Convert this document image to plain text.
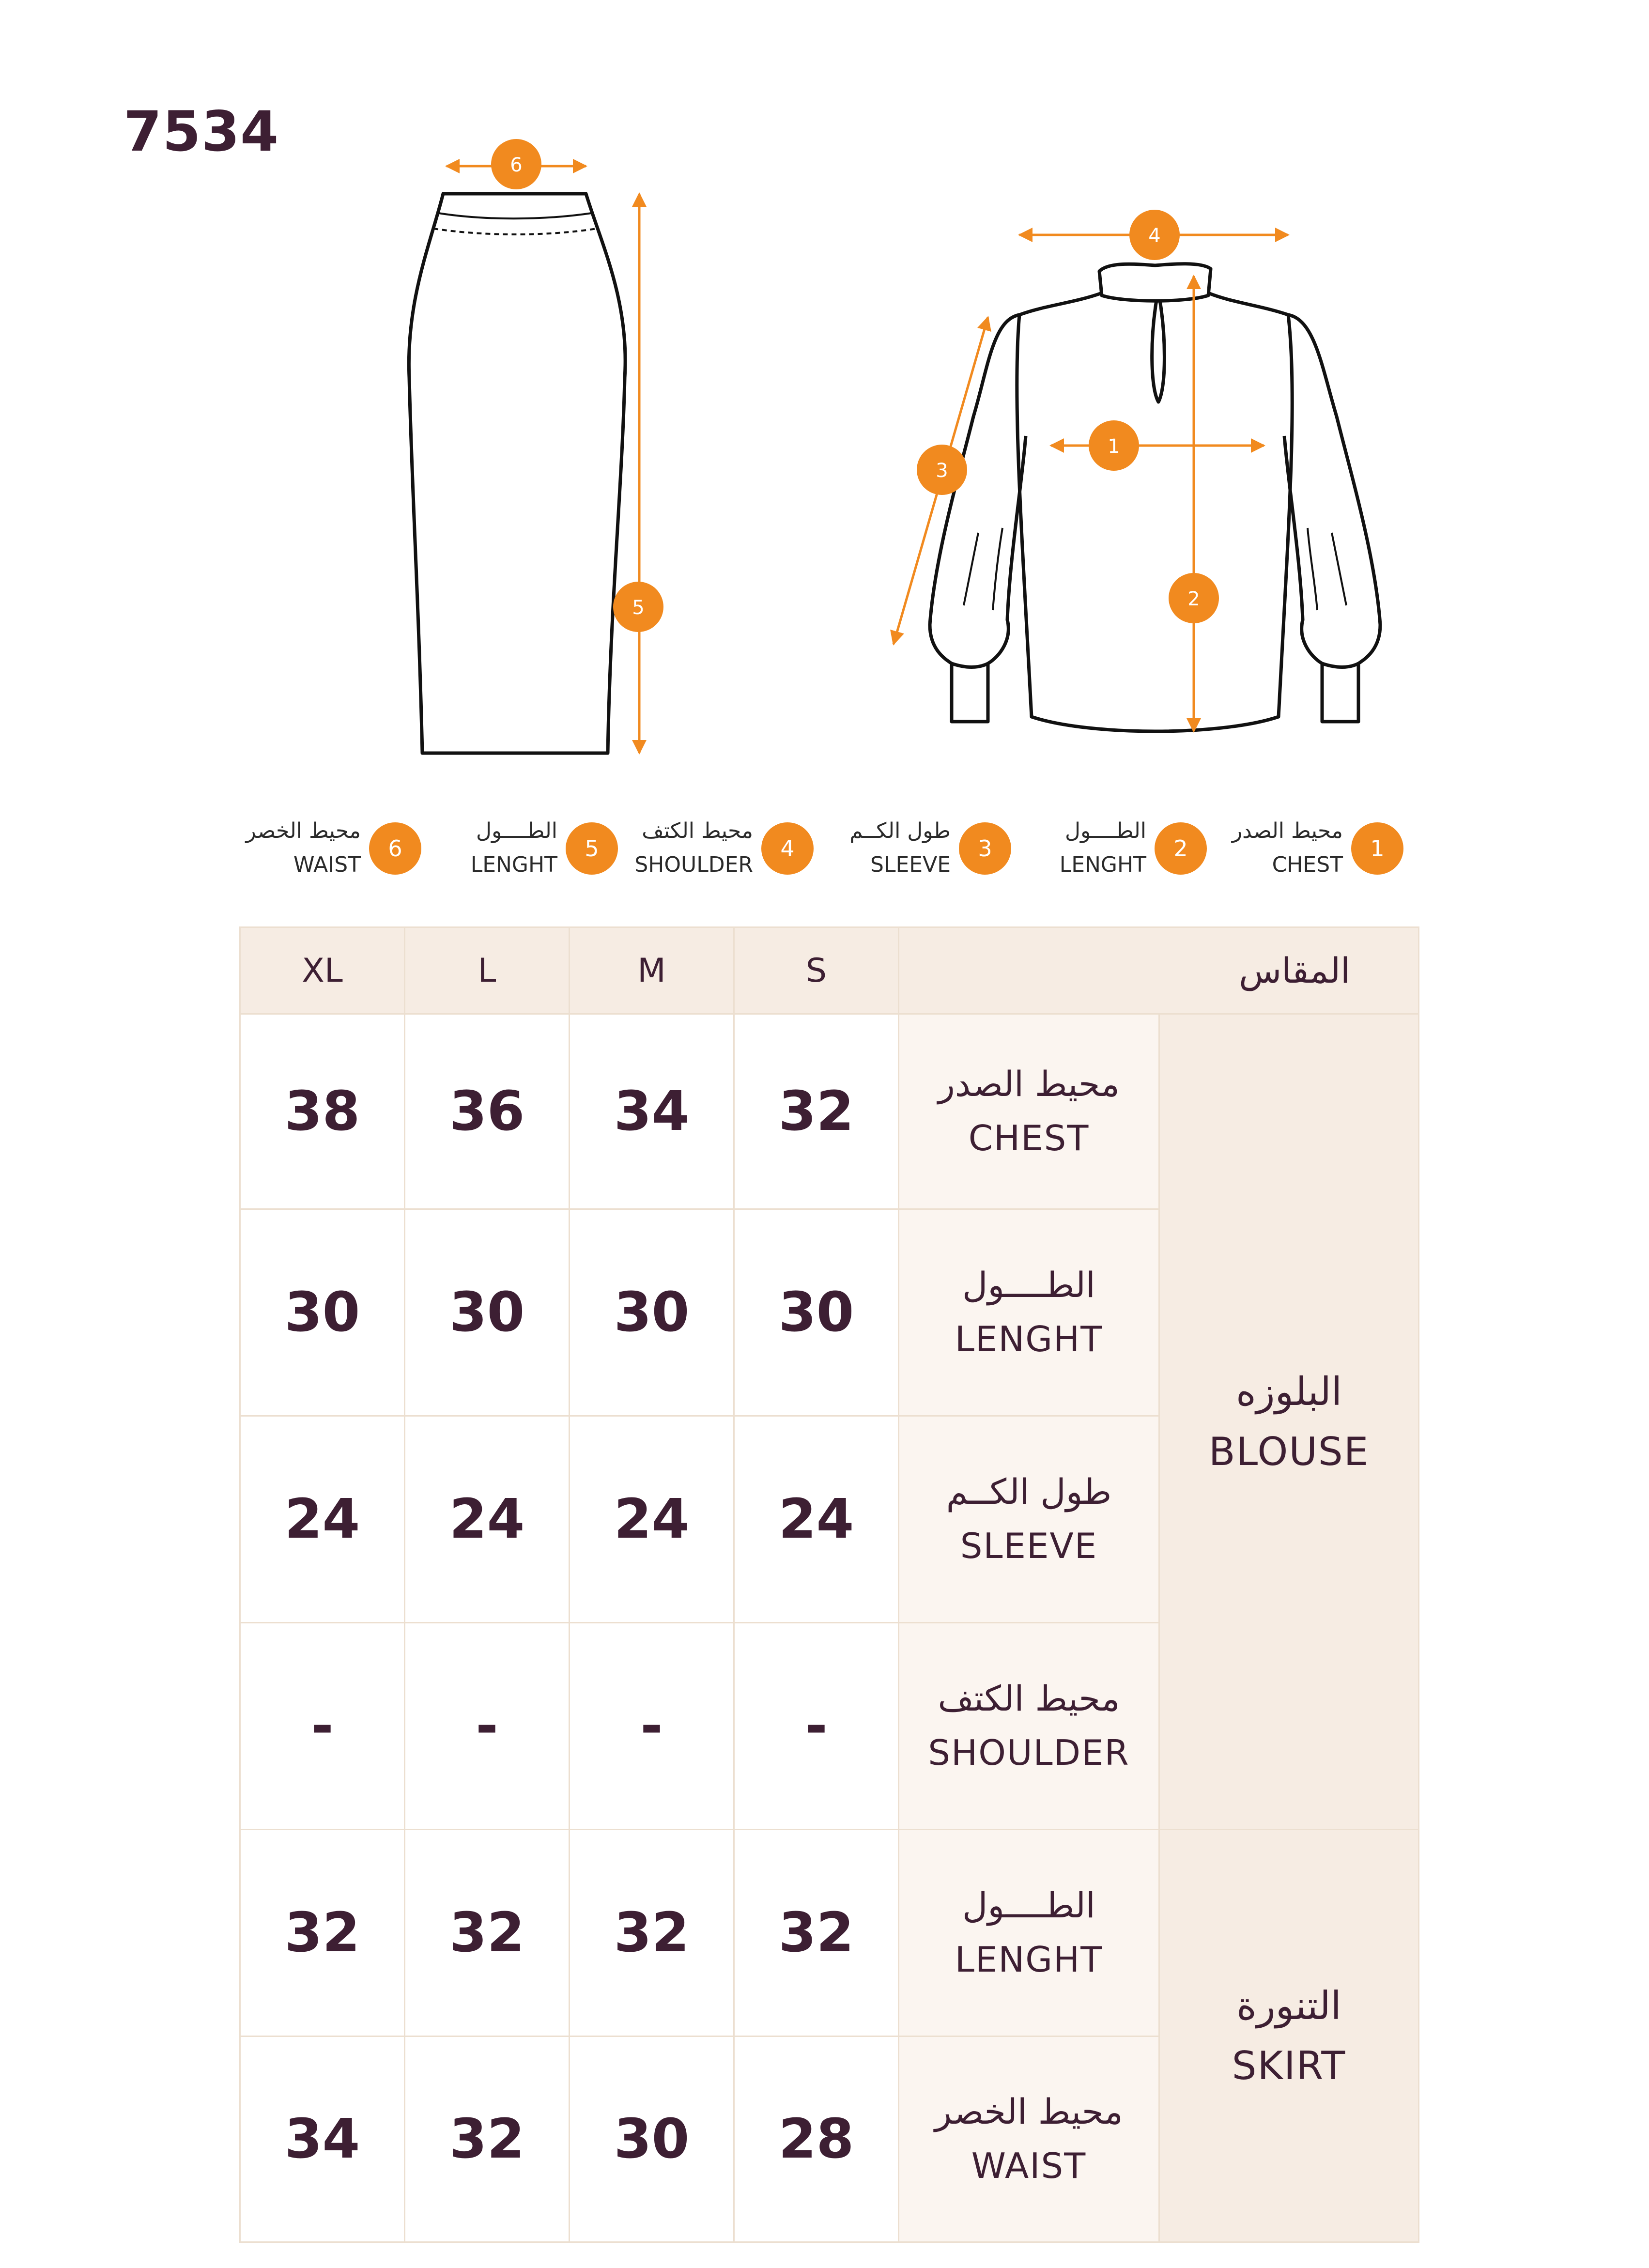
7534
6
5
4
1
3
2
6
محيط الخصر
WAIST
5
الطــــول
LENGHT
4
محيط الكتف
SHOULDER
3
طول الكــم
SLEEVE
2
الطــــول
LENGHT
1
محيط الصدر
CHEST
XL	L	M	S	المقاس	
38	36	34	32	محيط الصدر
CHEST	البلوزه
BLOUSE

30	30	30	30	الطــــول
LENGHT	

24	24	24	24	طول الكــم
SLEEVE	

-	-	-	-	محيط الكتف
SHOULDER	

32	32	32	32	الطــــول
LENGHT	التنورة
SKIRT

34	32	30	28	محيط الخصر
WAIST	
